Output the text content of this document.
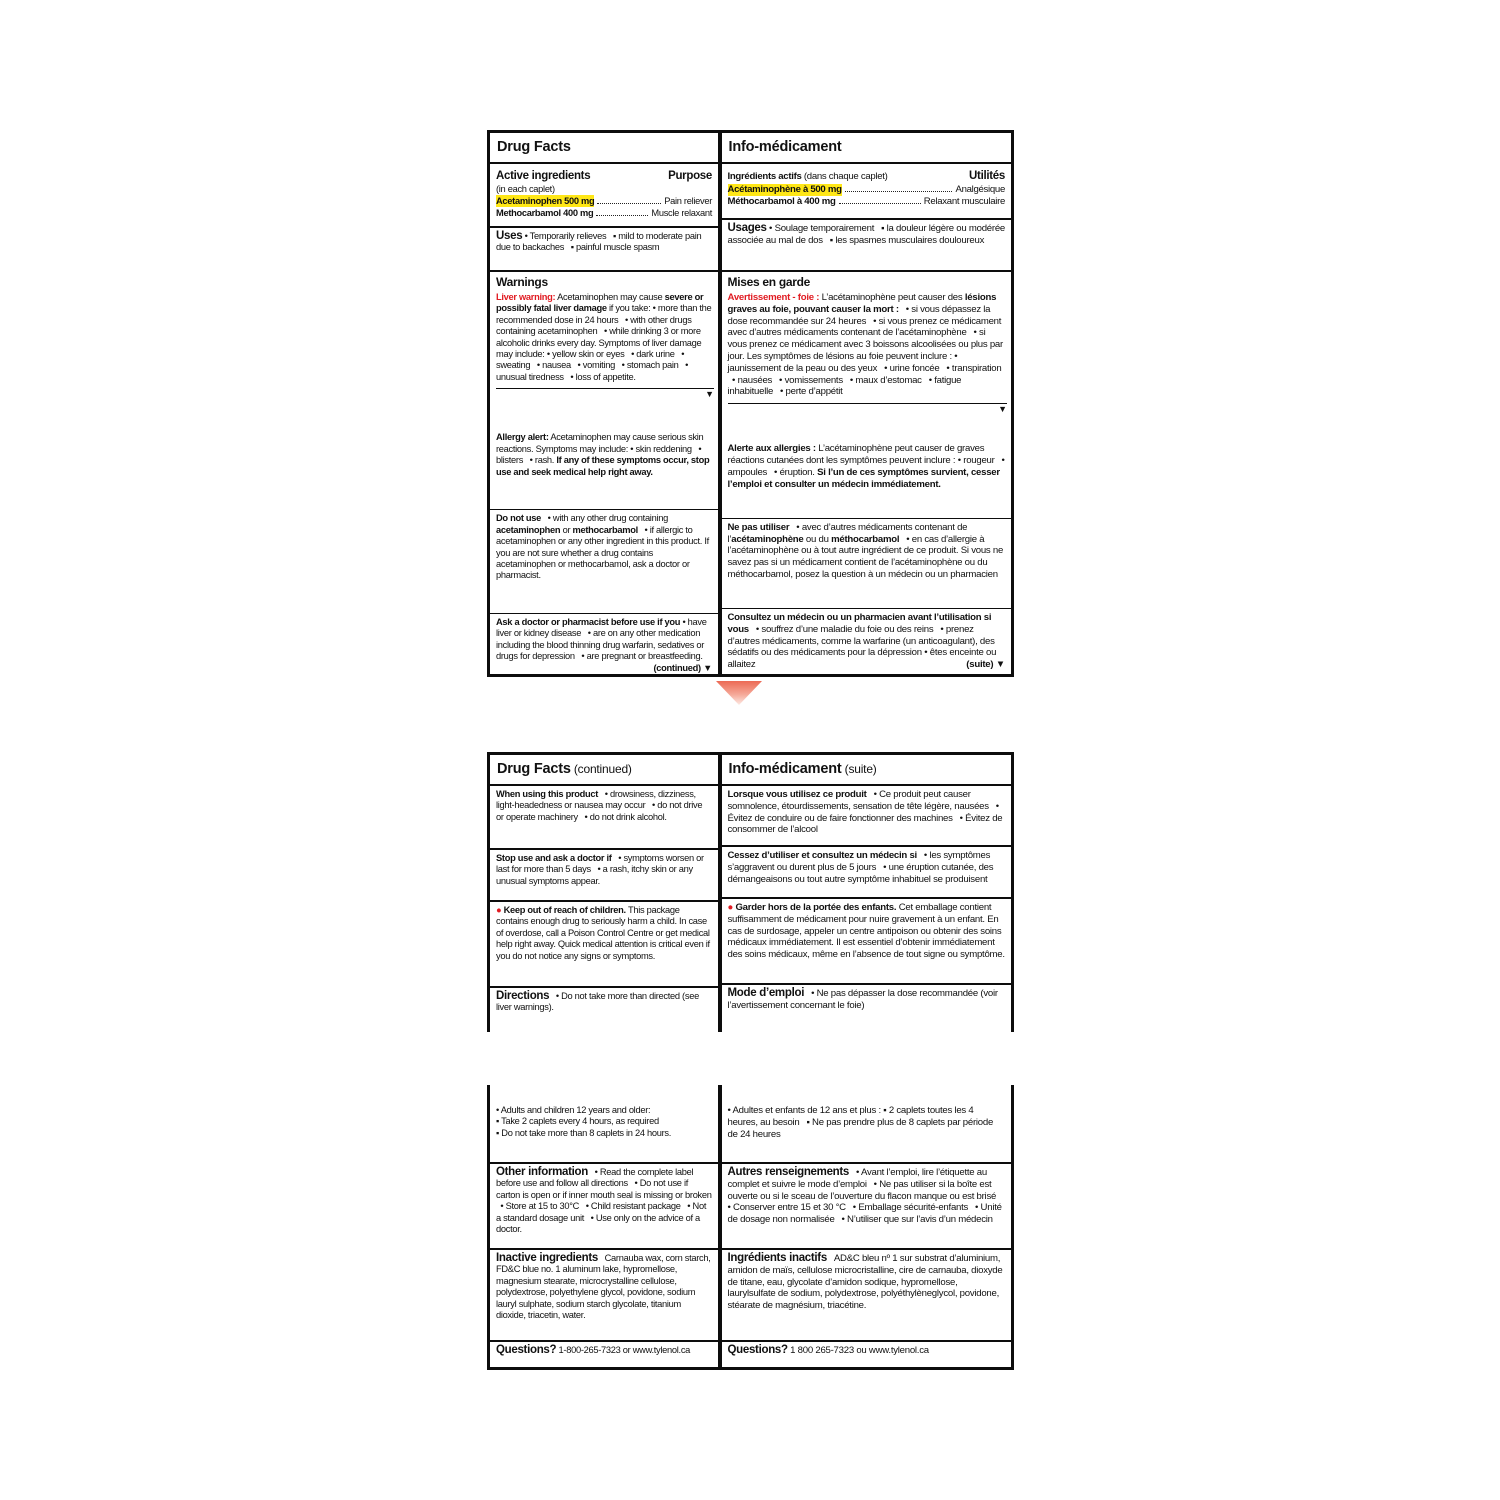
Drug Facts
Active ingredients	Purpose
(in each caplet)
Acetaminophen 500 mg	Pain reliever
Methocarbamol 400 mg	Muscle relaxant
Uses • Temporarily relieves  ▪ mild to moderate pain due to backaches  ▪ painful muscle spasm
Warnings
Liver warning: Acetaminophen may cause severe or possibly fatal liver damage if you take: • more than the recommended dose in 24 hours  • with other drugs containing acetaminophen  • while drinking 3 or more alcoholic drinks every day. Symptoms of liver damage may include: • yellow skin or eyes  • dark urine  • sweating  • nausea  • vomiting  • stomach pain  • unusual tiredness  • loss of appetite.
▼
Allergy alert: Acetaminophen may cause serious skin reactions. Symptoms may include: • skin reddening  • blisters  • rash. If any of these symptoms occur, stop use and seek medical help right away.
Do not use  • with any other drug containing acetaminophen or methocarbamol  • if allergic to acetaminophen or any other ingredient in this product. If you are not sure whether a drug contains acetaminophen or methocarbamol, ask a doctor or pharmacist.
Ask a doctor or pharmacist before use if you • have liver or kidney disease  • are on any other medication including the blood thinning drug warfarin, sedatives or drugs for depression  • are pregnant or breastfeeding.
(continued) ▼
Info-médicament
Ingrédients actifs (dans chaque caplet)	Utilités
Acétaminophène à 500 mg	Analgésique
Méthocarbamol à 400 mg	Relaxant musculaire
Usages • Soulage temporairement  ▪ la douleur légère ou modérée associée au mal de dos  ▪ les spasmes musculaires douloureux
Mises en garde
Avertissement - foie : L’acétaminophène peut causer des lésions graves au foie, pouvant causer la mort :  • si vous dépassez la dose recommandée sur 24 heures  • si vous prenez ce médicament avec d’autres médicaments contenant de l’acétaminophène  • si vous prenez ce médicament avec 3 boissons alcoolisées ou plus par jour. Les symptômes de lésions au foie peuvent inclure : • jaunissement de la peau ou des yeux  • urine foncée  • transpiration  • nausées  • vomissements  • maux d’estomac  • fatigue inhabituelle  • perte d’appétit
▼
Alerte aux allergies : L’acétaminophène peut causer de graves réactions cutanées dont les symptômes peuvent inclure : • rougeur  • ampoules  • éruption. Si l’un de ces symptômes survient, cesser l’emploi et consulter un médecin immédiatement.
Ne pas utiliser  • avec d’autres médicaments contenant de l’acétaminophène ou du méthocarbamol  • en cas d’allergie à l’acétaminophène ou à tout autre ingrédient de ce produit. Si vous ne savez pas si un médicament contient de l’acétaminophène ou du méthocarbamol, posez la question à un médecin ou un pharmacien
Consultez un médecin ou un pharmacien avant l’utilisation si vous  • souffrez d’une maladie du foie ou des reins  • prenez d’autres médicaments, comme la warfarine (un anticoagulant), des sédatifs ou des médicaments pour la dépression • êtes enceinte ou allaitez	(suite) ▼
Drug Facts (continued)
When using this product  • drowsiness, dizziness, light-headedness or nausea may occur  • do not drive or operate machinery  • do not drink alcohol.
Stop use and ask a doctor if  • symptoms worsen or last for more than 5 days  • a rash, itchy skin or any unusual symptoms appear.
● Keep out of reach of children. This package contains enough drug to seriously harm a child. In case of overdose, call a Poison Control Centre or get medical help right away. Quick medical attention is critical even if you do not notice any signs or symptoms.
Directions  • Do not take more than directed (see liver warnings).
Info-médicament (suite)
Lorsque vous utilisez ce produit  • Ce produit peut causer somnolence, étourdissements, sensation de tête légère, nausées  • Évitez de conduire ou de faire fonctionner des machines  • Évitez de consommer de l’alcool
Cessez d’utiliser et consultez un médecin si  • les symptômes s’aggravent ou durent plus de 5 jours  • une éruption cutanée, des démangeaisons ou tout autre symptôme inhabituel se produisent
● Garder hors de la portée des enfants. Cet emballage contient suffisamment de médicament pour nuire gravement à un enfant. En cas de surdosage, appeler un centre antipoison ou obtenir des soins médicaux immédiatement. Il est essentiel d’obtenir immédiatement des soins médicaux, même en l’absence de tout signe ou symptôme.
Mode d’emploi  • Ne pas dépasser la dose recommandée (voir l’avertissement concernant le foie)
• Adults and children 12 years and older:
▪ Take 2 caplets every 4 hours, as required
▪ Do not take more than 8 caplets in 24 hours.
Other information  • Read the complete label before use and follow all directions  • Do not use if carton is open or if inner mouth seal is missing or broken  • Store at 15 to 30°C  • Child resistant package  • Not a standard dosage unit  • Use only on the advice of a doctor.
Inactive ingredients  Carnauba wax, corn starch, FD&C blue no. 1 aluminum lake, hypromellose, magnesium stearate, microcrystalline cellulose, polydextrose, polyethylene glycol, povidone, sodium lauryl sulphate, sodium starch glycolate, titanium dioxide, triacetin, water.
Questions? 1-800-265-7323 or www.tylenol.ca
• Adultes et enfants de 12 ans et plus : ▪ 2 caplets toutes les 4 heures, au besoin  ▪ Ne pas prendre plus de 8 caplets par période de 24 heures
Autres renseignements  • Avant l’emploi, lire l’étiquette au complet et suivre le mode d’emploi  • Ne pas utiliser si la boîte est ouverte ou si le sceau de l’ouverture du flacon manque ou est brisé  • Conserver entre 15 et 30 °C  • Emballage sécurité-enfants  • Unité de dosage non normalisée  • N’utiliser que sur l’avis d’un médecin
Ingrédients inactifs  AD&C bleu nº 1 sur substrat d’aluminium, amidon de maïs, cellulose microcristalline, cire de carnauba, dioxyde de titane, eau, glycolate d’amidon sodique, hypromellose, laurylsulfate de sodium, polydextrose, polyéthylèneglycol, povidone, stéarate de magnésium, triacétine.
Questions? 1 800 265-7323 ou www.tylenol.ca
